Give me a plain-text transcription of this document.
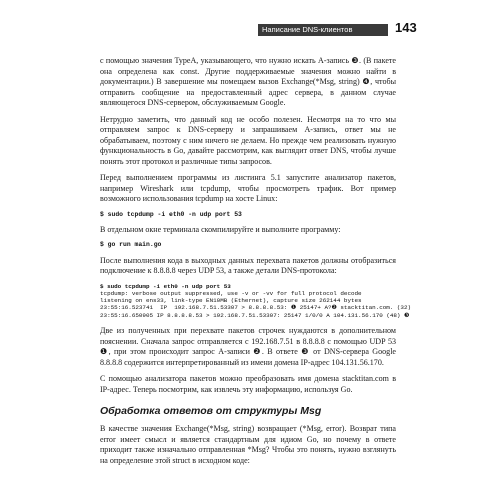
Написание DNS-клиентов	143

с помощью значения TypeA, указывающего, что нужно искать А-запись ❸. (В пакете она определена как const. Другие поддерживаемые значения можно найти в документации.) В завершение мы помещаем вызов Exchange(*Msg, string) ❹, чтобы отправить сообщение на предоставленный адрес сервера, в данном случае являющегося DNS-сервером, обслуживаемым Google.

Нетрудно заметить, что данный код не особо полезен. Несмотря на то что мы отправляем запрос к DNS-серверу и запрашиваем А-запись, ответ мы не обрабатываем, поэтому с ним ничего не делаем. Но прежде чем реализовать нужную функциональность в Go, давайте рассмотрим, как выглядит ответ DNS, чтобы лучше понять этот протокол и различные типы запросов.

Перед выполнением программы из листинга 5.1 запустите анализатор пакетов, например Wireshark или tcpdump, чтобы просмотреть трафик. Вот пример возможного использования tcpdump на хосте Linux:

$ sudo tcpdump -i eth0 -n udp port 53

В отдельном окне терминала скомпилируйте и выполните программу:

$ go run main.go

После выполнения кода в выходных данных перехвата пакетов должны отобразиться подключение к 8.8.8.8 через UDP 53, а также детали DNS-протокола:

$ sudo tcpdump -i eth0 -n udp port 53
tcpdump: verbose output suppressed, use -v or -vv for full protocol decode
listening on ens33, link-type EN10MB (Ethernet), capture size 262144 bytes
23:55:16.523741  IP  192.168.7.51.53307 > 8.8.8.8.53: ❶ 25147+ A?❷ stacktitan.com. (32)
23:55:16.650905 IP 8.8.8.8.53 > 192.168.7.51.53307: 25147 1/0/0 A 104.131.56.170 (48) ❸

Две из полученных при перехвате пакетов строчек нуждаются в дополнительном пояснении. Сначала запрос отправляется с 192.168.7.51 в 8.8.8.8 с помощью UDP 53 ❶, при этом происходит запрос А-записи ❷. В ответе ❸ от DNS-сервера Google 8.8.8.8 содержится интерпретированный из имени домена IP-адрес 104.131.56.170.

С помощью анализатора пакетов можно преобразовать имя домена stacktitan.com в IP-адрес. Теперь посмотрим, как извлечь эту информацию, используя Go.

Обработка ответов от структуры Msg

В качестве значения Exchange(*Msg, string) возвращает (*Msg, error). Возврат типа error имеет смысл и является стандартным для идиом Go, но почему в ответе приходит также изначально отправленная *Msg? Чтобы это понять, нужно взглянуть на определение этой struct в исходном коде:
